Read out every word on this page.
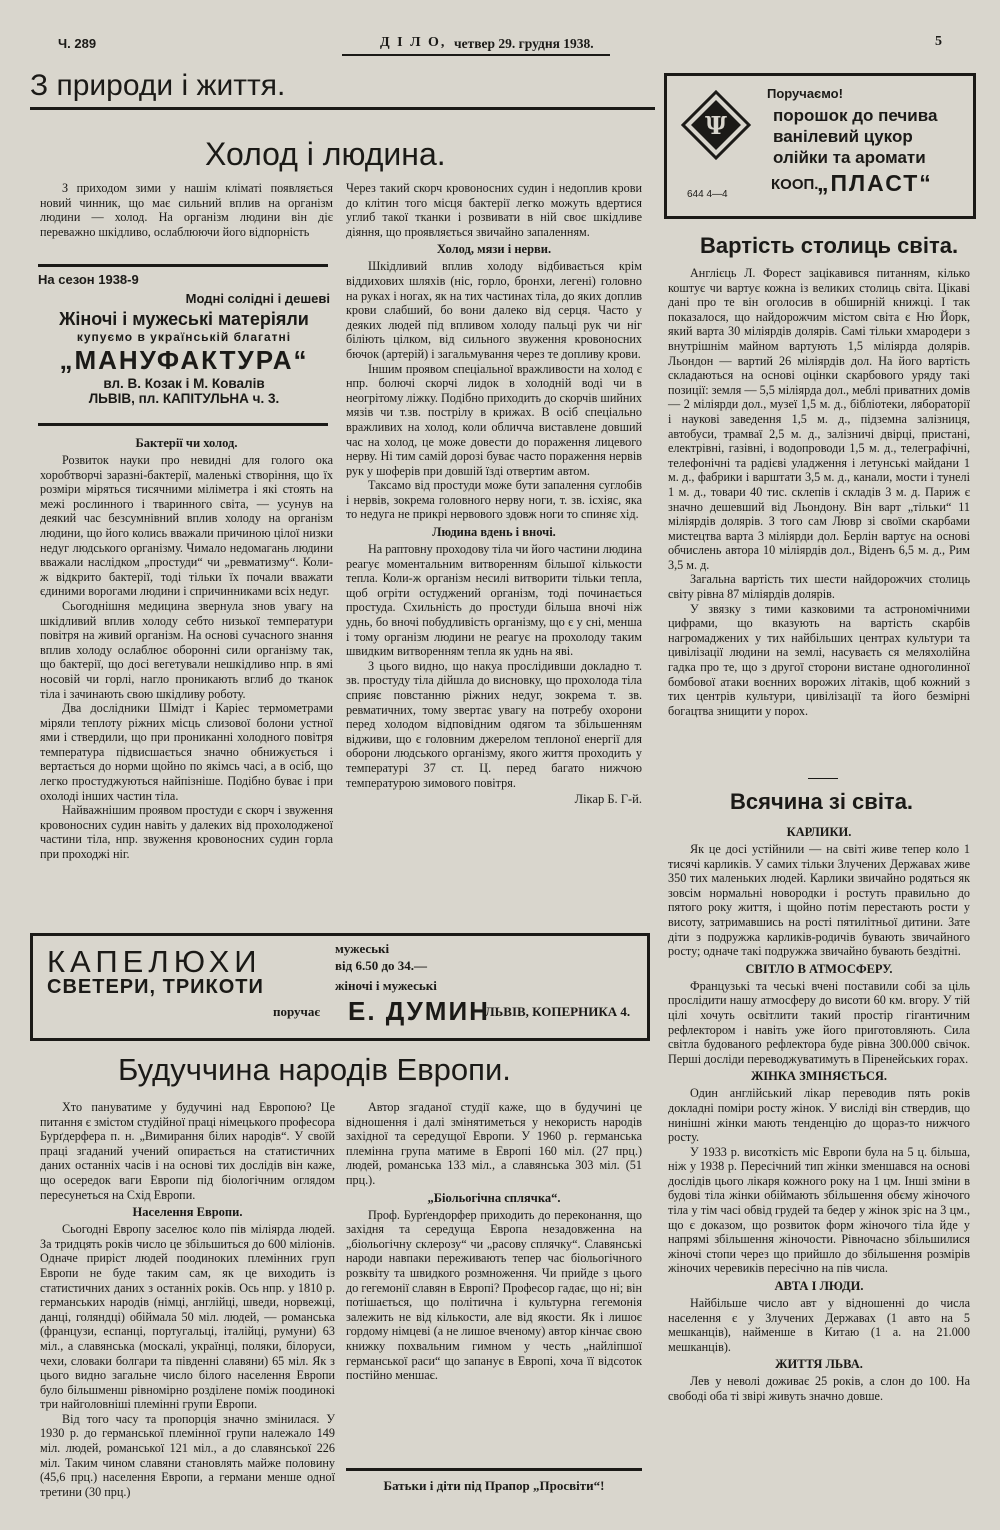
Ч. 289	Д І Л О, четвер 29. грудня 1938.	5
З природи і життя.
Холод і людина.

З приходом зими у нашім кліматі появляється новий чинник, що має сильний вплив на організм людини — холод. На організм людини він діє переважно шкідливо, ослаблюючи його відпорність

На сезон 1938-9
Модні солідні і дешеві
Жіночі і мужеські матеріяли
купуємо в українській благатні
„МАНУФАКТУРА“
вл. В. Козак і М. Ковалів
ЛЬВІВ, пл. КАПІТУЛЬНА ч. 3.
Бактерії чи холод.

Розвиток науки про невидні для голого ока хоробтворчі заразні-бактерії, маленькі створіння, що їх розміри міряться тисячними міліметра і які стоять на межі рослинного і тваринного світа, — усунув на деякий час безсумнівний вплив холоду на організм людини, що його колись вважали причиною цілої низки недуг людського організму. Чимало недомагань людини вважали наслідком „простуди“ чи „ревматизму“. Коли-ж відкрито бактерії, тоді тільки їх почали вважати єдиними ворогами людини і спричинниками всіх недуг.

Сьогоднішня медицина звернула знов увагу на шкідливий вплив холоду себто низької температури повітря на живий організм. На основі сучасного знання вплив холоду ослаблює оборонні сили організму так, що бактерії, що досі вегетували нешкідливо нпр. в ямі носовій чи горлі, нагло проникають вглиб до тканок тіла і зачинають свою шкідливу роботу.

Два дослідники Шмідт і Каріес термометрами міряли теплоту ріжних місць слизової болони устної ями і ствердили, що при прониканні холодного повітря температура підвисшається значно обнижується і вертається до норми щойно по якімсь часі, а в осіб, що легко простуджуються найпізніше. Подібно буває і при охолоді інших частин тіла.

Найважнішим проявом простуди є скорч і звуження кровоносних судин навіть у далеких від прохолодженої частини тіла, нпр. звуження кровоносних судин горла при проходжі ніг.

Через такий скорч кровоносних судин і недоплив крови до клітин того місця бактерії легко можуть вдертися углиб такої тканки і розвивати в ній своє шкідливе діяння, що проявляється звичайно запаленням.

Холод, мязи і нерви.

Шкідливий вплив холоду відбивається крім віддихових шляхів (ніс, горло, бронхи, легені) головно на руках і ногах, як на тих частинах тіла, до яких доплив крови слабший, бо вони далеко від серця. Часто у деяких людей під впливом холоду пальці рук чи ніг біліють цілком, від сильного звуження кровоносних бючок (артерій) і загальмування через те допливу крови.

Іншим проявом спеціальної вражливости на холод є нпр. болючі скорчі лидок в холодній воді чи в неогрітому ліжку. Подібно приходить до скорчів шийних мязів чи т.зв. пострілу в крижах. В осіб спеціально вражливих на холод, коли обличча виставлене довший час на холод, це може довести до пораження лицевого нерву. Ні тим самій дорозі буває часто пораження нервів рук у шоферів при довшій їзді отвертим автом.

Таксамо від простуди може бути запалення суглобів і нервів, зокрема головного нерву ноги, т. зв. ісхіяс, яка то недуга не прикрі нервового здовж ноги то спиняє хід.

Людина вдень і вночі.

На раптовну проходову тіла чи його частини людина реагує моментальним витворенням більшої кількости тепла. Коли-ж організм несилі витворити тільки тепла, щоб огріти остуджений організм, тоді починається простуда. Схильність до простуди більша вночі ніж уднь, бо вночі побудливість організму, що є у сні, менша і тому організм людини не реагує на прохолоду таким швидким витворенням тепла як уднь на яві.

З цього видно, що накуа прослідивши докладно т. зв. простуду тіла дійшла до висновку, що прохолода тіла сприяє повстанню ріжних недуг, зокрема т. зв. ревматичних, тому звертає увагу на потребу охорони перед холодом відповідним одягом та збільшенням відживи, що є головним джерелом теплоної енергії для оборони людського організму, якого життя проходить у температурі 37 ст. Ц. перед багато нижчою температурою зимового повітря.

Лікар Б. Г-й.
Ψ
Поручаємо!
порошок до печива
ванілевий цукор
олійки та аромати
КООП.
„ПЛАСТ“
644 4—4
Вартість столиць світа.

Англієць Л. Форест зацікавився питанням, кілько коштує чи вартує кожна із великих столиць світа. Цікаві дані про те він оголосив в обширній книжці. І так показалося, що найдорожчим містом світа є Ню Йорк, який варта 30 міліярдів долярів. Самі тільки хмародери з внутрішнім майном вартують 1,5 міліярда долярів. Льондон — вартий 26 міліярдів дол. На його вартість складаються на основі оцінки скарбового уряду такі позиції: земля — 5,5 міліярда дол., меблі приватних домів — 2 міліярди дол., музеї 1,5 м. д., бібліотеки, лябораторії і наукові заведення 1,5 м. д., підземна залізниця, автобуси, трамваї 2,5 м. д., залізничі двірці, пристані, електрівні, газівні, і водопроводи 1,5 м. д., телеграфічні, телефонічні та радієві уладження і летунські майдани 1 м. д., фабрики і варштати 3,5 м. д., канали, мости і тунелі 1 м. д., товари 40 тис. склепів і складів 3 м. д. Париж є значно дешевший від Льондону. Він варт „тільки“ 11 міліярдів долярів. З того сам Лювр зі своїми скарбами мистецтва варта 3 міліярди дол. Берлін вартує на основі обчислень автора 10 міліярдів дол., Віденъ 6,5 м. д., Рим 3,5 м. д.

Загальна вартість тих шести найдорожчих столиць світу рівна 87 міліярдів долярів.

У звязку з тими казковими та астрономічними цифрами, що вказують на вартість скарбів нагромаджених у тих найбільших центрах культури та цивілізації людини на землі, насуваєть ся меляхолійна гадка про те, що з другої сторони вистане одноголинної бомбової атаки воєнних ворожих літаків, щоб кожний з тих центрів культури, цивілізації та його безмірні богацтва знищити у порох.

Всячина зі світа.
КАРЛИКИ.

Як це досі устійнили — на світі живе тепер коло 1 тисячі карликів. У самих тільки Злучених Державах живе 350 тих маленьких людей. Карлики звичайно родяться як зовсім нормальні новородки і ростуть правильно до пятого року життя, і щойно потім перестають рости у висоту, затримавшись на рості пятилітньої дитини. Зате діти з подружжа карликів-родичів бувають звичайного росту; одначе такі подружжа звичайно бувають бездітні.

СВІТЛО В АТМОСФЕРУ.

Французькі та чеські вчені поставили собі за ціль прослідити нашу атмосферу до висоти 60 км. вгору. У тій цілі хочуть освітлити такий простір гігантичним рефлектором і навіть уже його приготовляють. Сила світла будованого рефлектора буде рівна 300.000 свічок. Перші досліди переводжуватимуть в Піренейських горах.

ЖІНКА ЗМІНЯЄТЬСЯ.

Один англійський лікар переводив пять років докладні поміри росту жінок. У висліді він ствердив, що нинішні жінки мають тенденцію до щораз-то нижчого росту.

У 1933 р. висоткість міс Европи була на 5 ц. більша, ніж у 1938 р. Пересічний тип жінки зменшався на основі дослідів цього лікаря кожного року на 1 цм. Інші зміни в будові тіла жінки обіймають збільшення обєму жіночого тіла у тім часі обвід грудей та бедер у жінок зріс на 3 цм., що є доказом, що розвиток форм жіночого тіла йде у напрямі збільшення жіночости. Рівночасно збільшилися жіночі стопи через що прийшло до збільшення розмірів жіночих черевиків пересічно на пів числа.

АВТА І ЛЮДИ.

Найбільше число авт у відношенні до числа населення є у Злучених Державах (1 авто на 5 мешканців), найменше в Китаю (1 а. на 21.000 мешканців).

ЖИТТЯ ЛЬВА.

Лев у неволі доживає 25 років, а слон до 100. На свободі оба ті звірі живуть значно довше.

КАПЕЛЮХИ
СВЕТЕРИ, ТРИКОТИ
мужеські
від 6.50 до 34.—
жіночі і мужеські
поручає Е. ДУМИН
ЛЬВІВ, КОПЕРНИКА 4.
Будуччина народів Европи.

Хто пануватиме у будучині над Европою? Це питання є змістом студійної праці німецького професора Бурґдерфера п. н. „Вимирання білих народів“. У своїй праці згаданий учений опирається на статистичних даних останніх часів і на основі тих дослідів він каже, що осередок ваги Европи під біологічним оглядом пересунеться на Схід Европи.

Населення Европи.

Сьогодні Европу заселює коло пів міліярда людей. За тридцять років число це збільшиться до 600 міліонів. Одначе приріст людей поодиноких племінних груп Европи не буде таким сам, як це виходить із статистичних даних з останніх років. Ось нпр. у 1810 р. германських народів (німці, англійці, шведи, норвежці, данці, голяндці) обіймала 50 міл. людей, — романська (французи, еспанці, португальці, італійці, румуни) 63 міл., а славянська (москалі, українці, поляки, білоруси, чехи, словаки болгари та південні славяни) 65 міл. Як з цього видно загальне число білого населення Европи було більшменш рівномірно розділене поміж поодинокі три найголовніші племінні групи Европи.

Від того часу та пропорція значно змінилася. У 1930 р. до германської племінної групи належало 149 міл. людей, романської 121 міл., а до славянської 226 міл. Таким чином славяни становлять майже половину (45,6 прц.) населення Европи, а германи менше одної третини (30 прц.)

Автор згаданої студії каже, що в будучині це відношення і далі змінятиметься у некористь народів західної та середущої Европи. У 1960 р. германська племінна група матиме в Европі 160 міл. (27 прц.) людей, романська 133 міл., а славянська 303 міл. (51 прц.).

„Біольогічна сплячка“.

Проф. Бурґендорфер приходить до переконання, що західня та середуща Европа незадовженна на „біольогічну склерозу“ чи „расову сплячку“. Славянські народи навпаки переживають тепер час біольогічного розквіту та швидкого розмноження. Чи прийде з цього до гегемонії славян в Европі? Професор гадає, що ні; він потішається, що політична і культурна гегемонія залежить не від кількости, але від якости. Як і лишоє гордому німцеві (а не лишое вченому) автор кінчає свою книжку похвальним гимном у честь „найліпшої германської раси“ що запанує в Европі, хоча її відсоток постійно меншає.

Батьки і діти під Прапор „Просвіти“!
